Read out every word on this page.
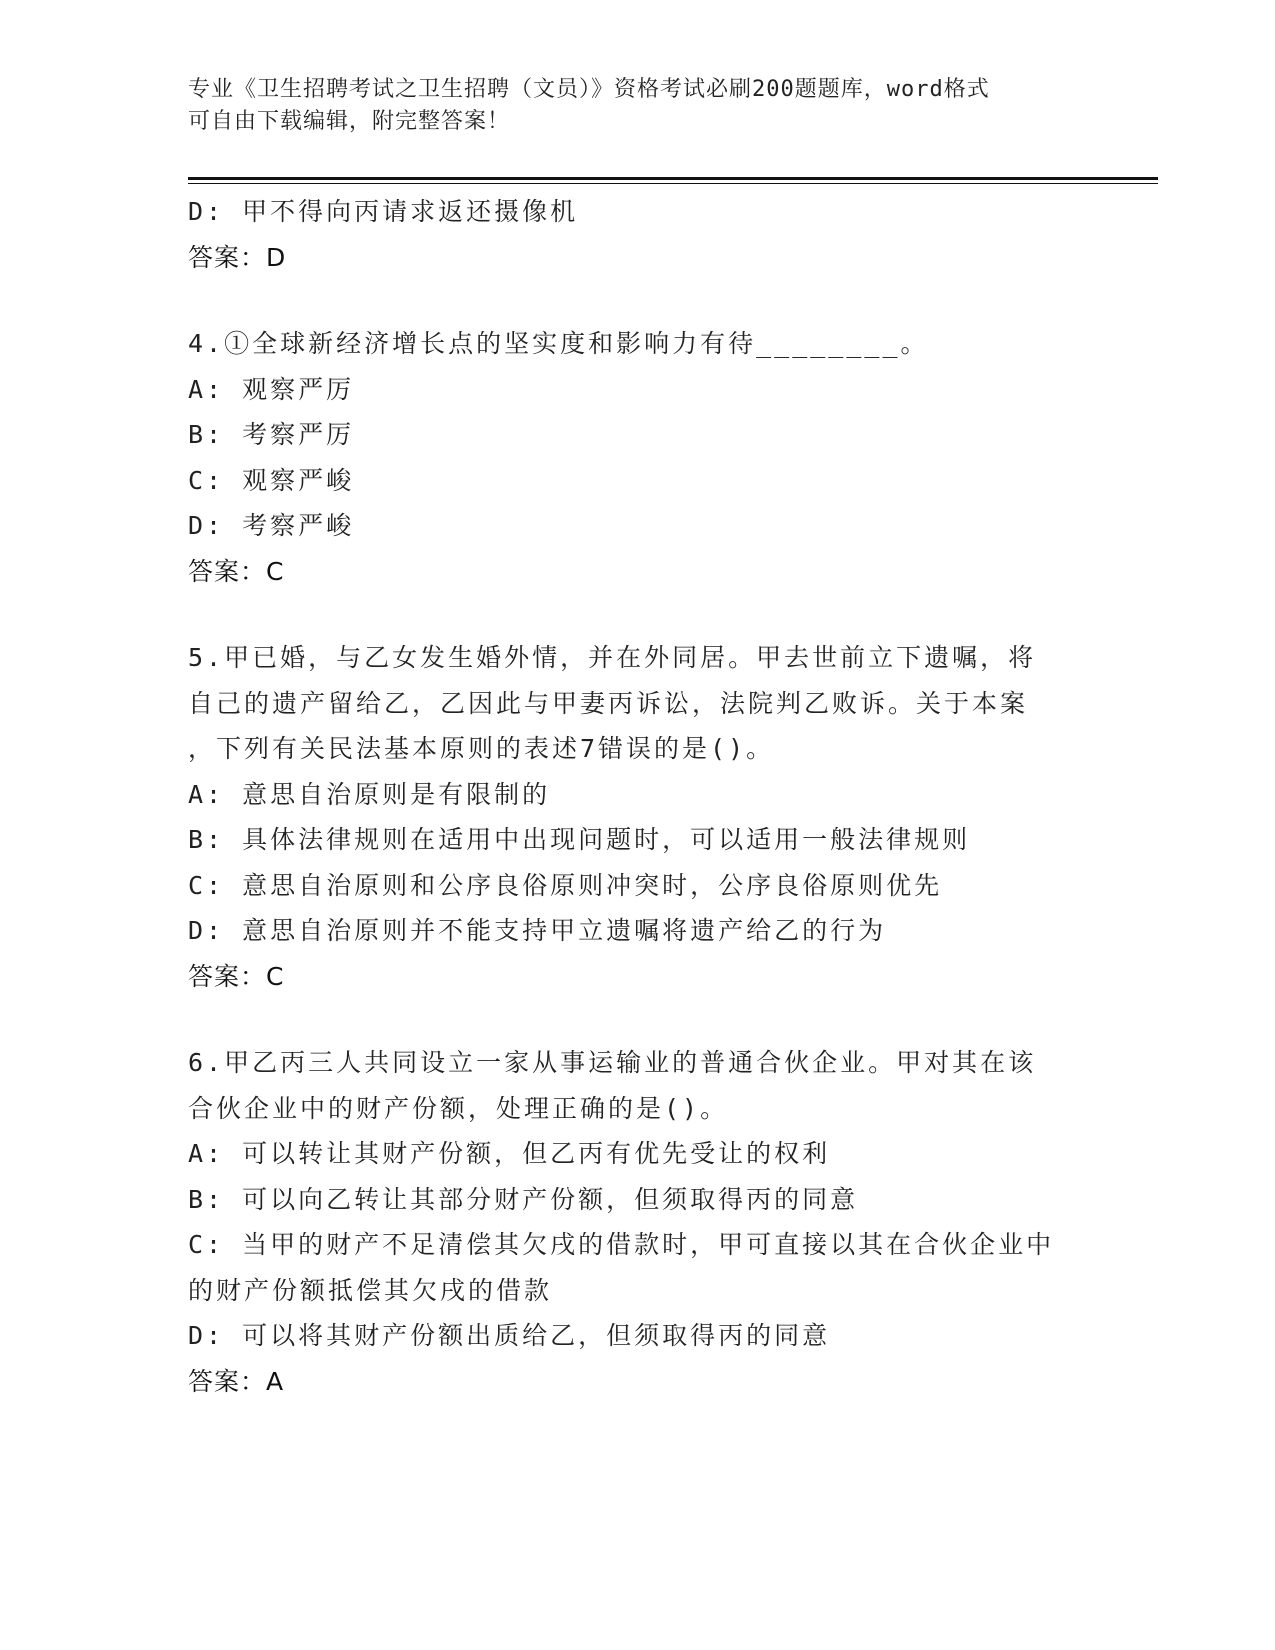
专业《卫生招聘考试之卫生招聘（文员）》资格考试必刷200题题库，word格式
可自由下载编辑，附完整答案！
D: 甲不得向丙请求返还摄像机
答案：D
4.①全球新经济增长点的坚实度和影响力有待________。
A: 观察严厉
B: 考察严厉
C: 观察严峻
D: 考察严峻
答案：C
5.甲已婚，与乙女发生婚外情，并在外同居。甲去世前立下遗嘱，将
自己的遗产留给乙，乙因此与甲妻丙诉讼，法院判乙败诉。关于本案
，下列有关民法基本原则的表述7错误的是()。
A: 意思自治原则是有限制的
B: 具体法律规则在适用中出现问题时，可以适用一般法律规则
C: 意思自治原则和公序良俗原则冲突时，公序良俗原则优先
D: 意思自治原则并不能支持甲立遗嘱将遗产给乙的行为
答案：C
6.甲乙丙三人共同设立一家从事运输业的普通合伙企业。甲对其在该
合伙企业中的财产份额，处理正确的是()。
A: 可以转让其财产份额，但乙丙有优先受让的权利
B: 可以向乙转让其部分财产份额，但须取得丙的同意
C: 当甲的财产不足清偿其欠戌的借款时，甲可直接以其在合伙企业中
的财产份额抵偿其欠戌的借款
D: 可以将其财产份额出质给乙，但须取得丙的同意
答案：A
